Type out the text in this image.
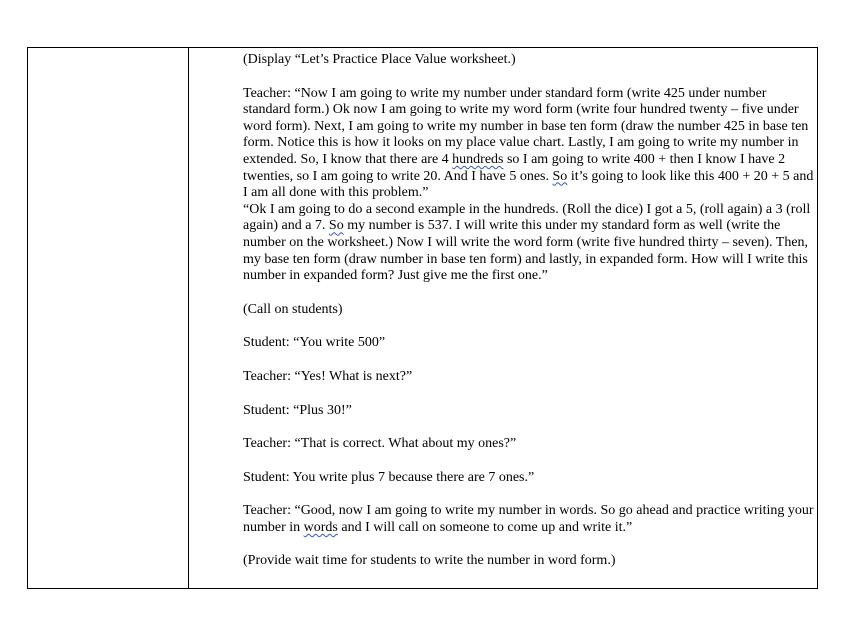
(Display “Let’s Practice Place Value worksheet.)

Teacher: “Now I am going to write my number under standard form (write 425 under number standard form.) Ok now I am going to write my word form (write four hundred twenty – five under word form). Next, I am going to write my number in base ten form (draw the number 425 in base ten form. Notice this is how it looks on my place value chart. Lastly, I am going to write my number in extended. So, I know that there are 4 hundreds so I am going to write 400 + then I know I have 2 twenties, so I am going to write 20. And I have 5 ones. So it’s going to look like this 400 + 20 + 5 and I am all done with this problem.”

“Ok I am going to do a second example in the hundreds. (Roll the dice) I got a 5, (roll again) a 3 (roll again) and a 7. So my number is 537. I will write this under my standard form as well (write the number on the worksheet.) Now I will write the word form (write five hundred thirty – seven). Then, my base ten form (draw number in base ten form) and lastly, in expanded form. How will I write this number in expanded form? Just give me the first one.”

(Call on students)

Student: “You write 500”

Teacher: “Yes! What is next?”

Student: “Plus 30!”

Teacher: “That is correct. What about my ones?”

Student: You write plus 7 because there are 7 ones.”

Teacher: “Good, now I am going to write my number in words. So go ahead and practice writing your number in words and I will call on someone to come up and write it.”

(Provide wait time for students to write the number in word form.)
